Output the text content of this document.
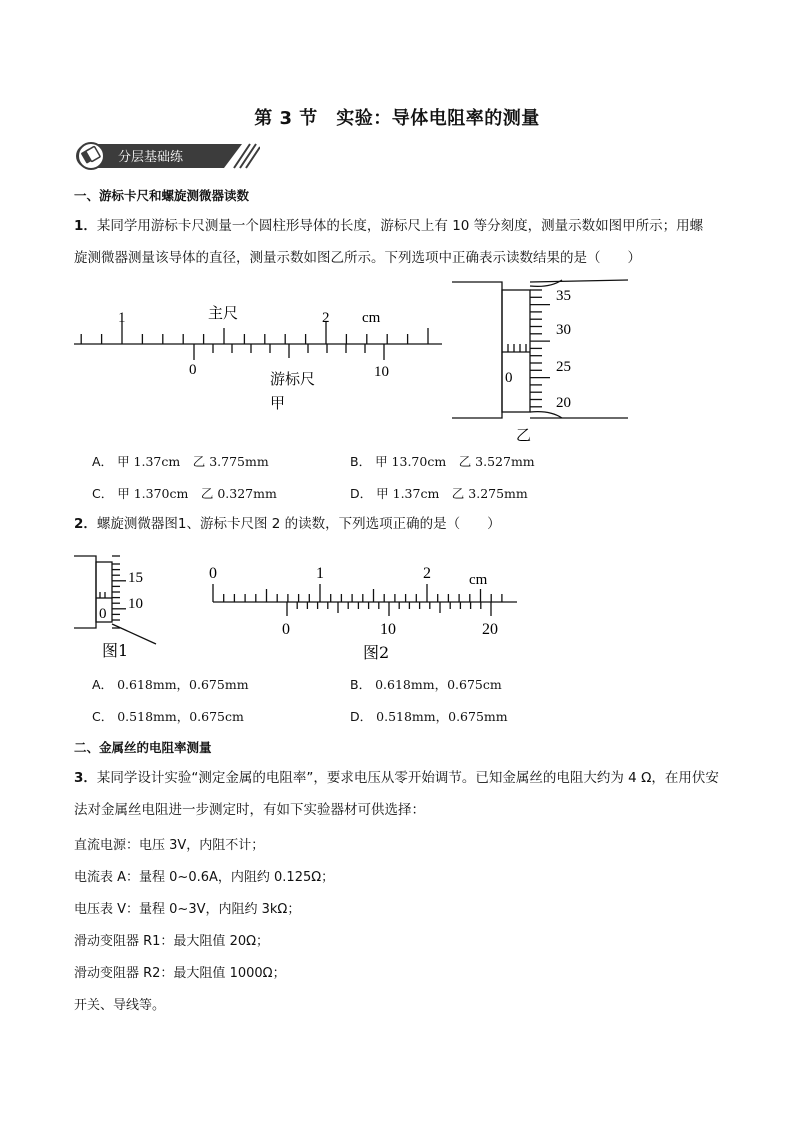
第 3 节　实验：导体电阻率的测量
分层基础练
一、游标卡尺和螺旋测微器读数
1．某同学用游标卡尺测量一个圆柱形导体的长度，游标尺上有 10 等分刻度，测量示数如图甲所示；用螺
旋测微器测量该导体的直径，测量示数如图乙所示。下列选项中正确表示读数结果的是（　　）
1	2 cm
主尺
0	10
游标尺
甲
35
30
25
20
0
乙
A． 甲 1.37cm　乙 3.775mm	B． 甲 13.70cm　乙 3.527mm
C． 甲 1.370cm　乙 0.327mm	D． 甲 1.37cm　乙 3.275mm
2．螺旋测微器图1、游标卡尺图 2 的读数，下列选项正确的是（　　）
15
10
0
图1
0	1	2	cm
0	10	20
图2
A． 0.618mm，0.675mm	B． 0.618mm，0.675cm
C． 0.518mm，0.675cm	D． 0.518mm，0.675mm
二、金属丝的电阻率测量
3．某同学设计实验“测定金属的电阻率”，要求电压从零开始调节。已知金属丝的电阻大约为 4 Ω，在用伏安
法对金属丝电阻进一步测定时，有如下实验器材可供选择：
直流电源：电压 3V，内阻不计；
电流表 A：量程 0~0.6A，内阻约 0.125Ω；
电压表 V：量程 0~3V，内阻约 3kΩ；
滑动变阻器 R1：最大阻值 20Ω；
滑动变阻器 R2：最大阻值 1000Ω；
开关、导线等。
